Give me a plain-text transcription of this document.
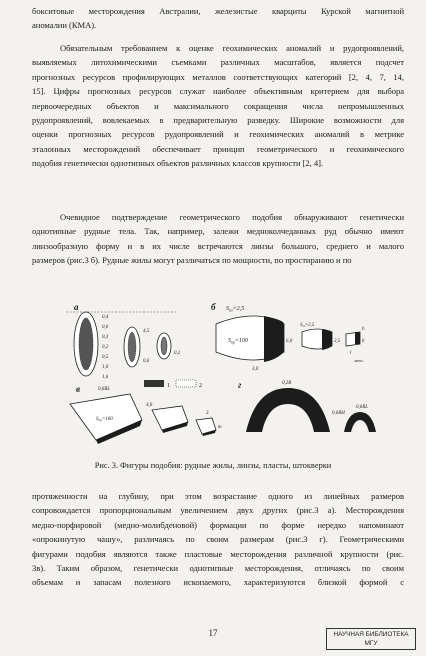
бокситовые месторождения Австралии, железистые кварциты Курской магнитной
аномалии (КМА).
Обязательным требованием к оценке геохимических аномалий и рудопроявлений,
выявляемых литохимическими съемками различных масштабов, является подсчет
прогнозных ресурсов профилирующих металлов соответствующих категорий [2, 4, 7, 14,
15]. Цифры прогнозных ресурсов служат наиболее объективным критерием для выбора
первоочередных объектов и максимального сокращения числа непромышленных
рудопроявлений, вовлекаемых в предварительную разведку. Широкие возможности для
оценки прогнозных ресурсов рудопроявлений и геохимических аномалий в метрике
эталонных месторождений обеспечивает принцип геометрического и геохимического
подобия генетически однотипных объектов различных классов крупности [2, 4].
Очевидное подтверждение геометрического подобия обнаруживают генетически
однотипные рудные тела. Так, например, залежи медноколчеданных руд обычно имеют
линзообразную форму и в их числе встречаются линзы большого, среднего и малого
размеров (рис.3 б). Рудные жилы могут различаться по мощности, по простиранию и по
протяженности на глубину, при этом возрастание одного из линейных размеров
сопровождается пропорциональным увеличением двух других (рис.3 а). Месторождения
медно-порфировой (медно-молибденовой) формации по форме нередко напоминают
«опрокинутую чашу», различаясь по своим размерам (рис.3 г). Геометрическими
фигурами подобия являются также пластовые месторождения различной крупности (рис.
3в). Таким образом, генетически однотипные месторождения, отличаясь по своим
объемам и запасам полезного ископаемого, характеризуются близкой формой с
а
0,4
0,6
0,3
0,2
0,5
1,0
1,6
4,5
0,6
0,2
1	2
б $S_{ко}=2,5$
$S_{кр}=100$	6,0
3,0
$S_м=2,5$
2,5
b
h
l
мезо.
в	0,6RL
$S_{кр}=100$
4,0
m
3
г	0,2R
0,6RH
0,6RL
Рис. 3. Фигуры подобия: рудные жилы, линзы, пласты, штокверки
17	НАУЧНАЯ БИБЛИОТЕКА
МГУ
